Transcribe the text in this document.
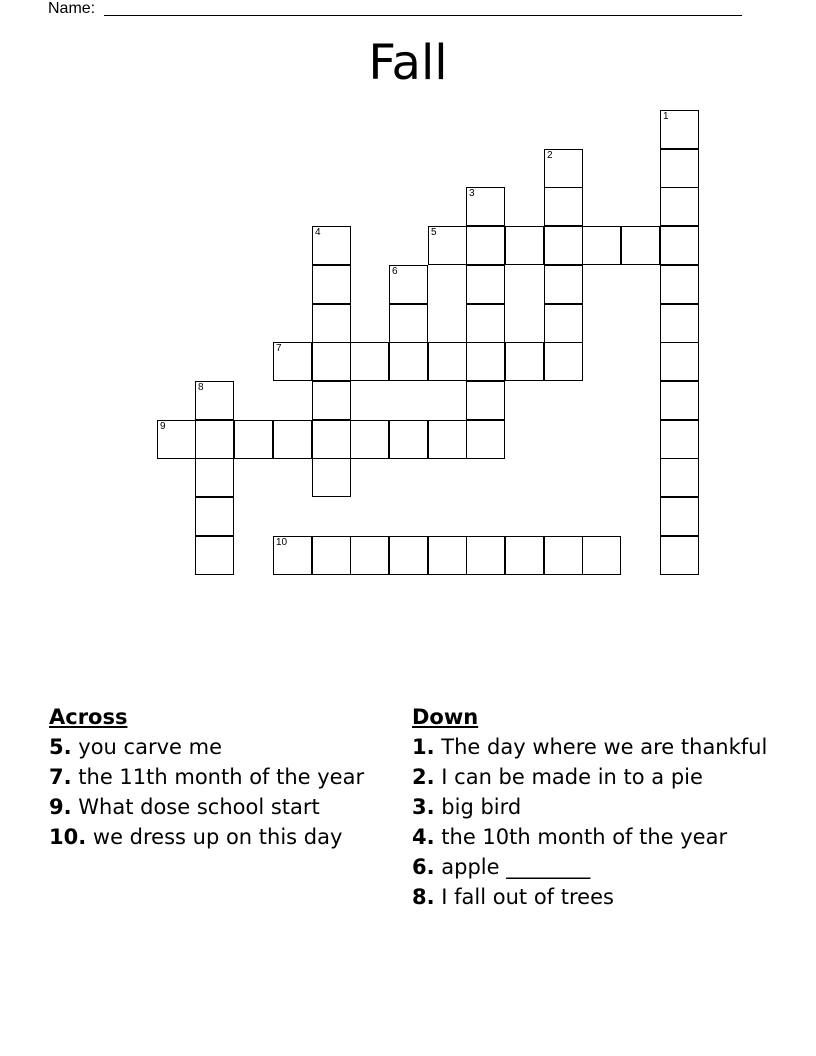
Name:
Fall
1
2
3
4	5
6
7
8
9
10
Across
5. you carve me
7. the 11th month of the year
9. What dose school start
10. we dress up on this day
Down
1. The day where we are thankful
2. I can be made in to a pie
3. big bird
4. the 10th month of the year
6. apple ________
8. I fall out of trees
